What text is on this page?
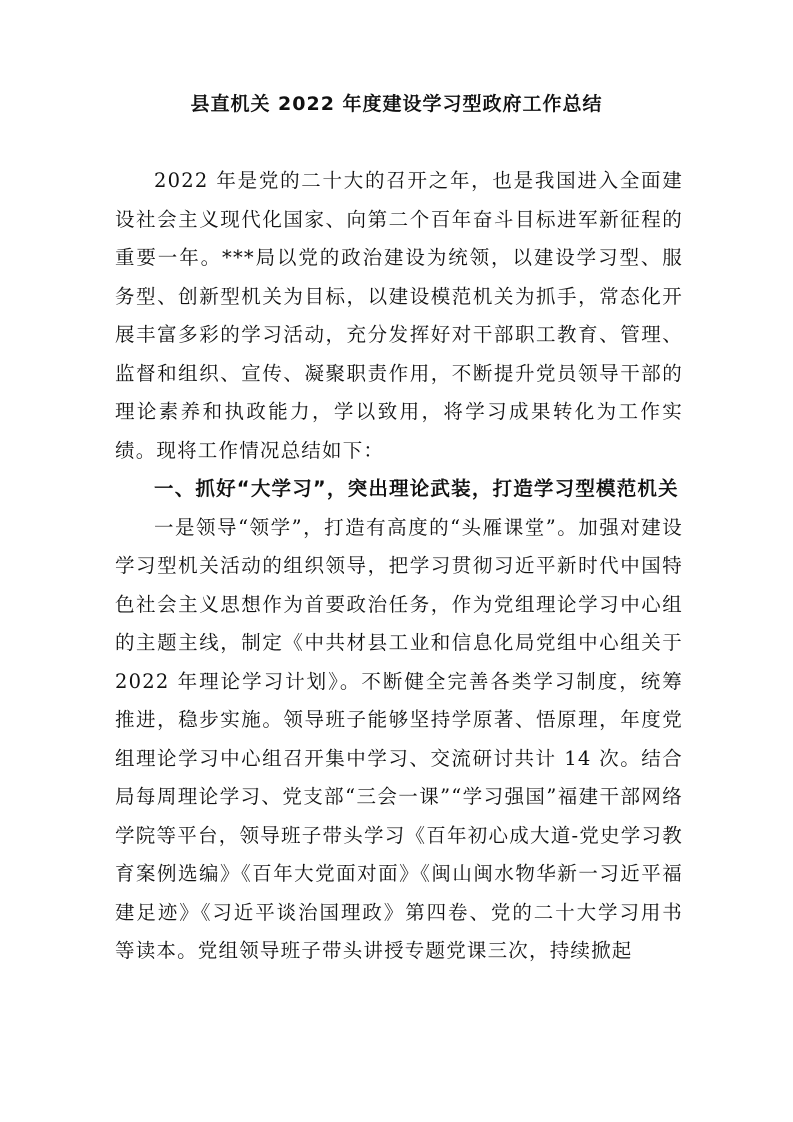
县直机关 2022 年度建设学习型政府工作总结

2022 年是党的二十大的召开之年，也是我国进入全面建设社会主义现代化国家、向第二个百年奋斗目标进军新征程的重要一年。***局以党的政治建设为统领，以建设学习型、服务型、创新型机关为目标，以建设模范机关为抓手，常态化开展丰富多彩的学习活动，充分发挥好对干部职工教育、管理、监督和组织、宣传、凝聚职责作用，不断提升党员领导干部的理论素养和执政能力，学以致用，将学习成果转化为工作实绩。现将工作情况总结如下：

一、抓好“大学习”，突出理论武装，打造学习型模范机关

一是领导“领学”，打造有高度的“头雁课堂”。加强对建设学习型机关活动的组织领导，把学习贯彻习近平新时代中国特色社会主义思想作为首要政治任务，作为党组理论学习中心组的主题主线，制定《中共材县工业和信息化局党组中心组关于 2022 年理论学习计划》。不断健全完善各类学习制度，统筹推进，稳步实施。领导班子能够坚持学原著、悟原理，年度党组理论学习中心组召开集中学习、交流研讨共计 14 次。结合局每周理论学习、党支部“三会一课”“学习强国”福建干部网络学院等平台，领导班子带头学习《百年初心成大道-党史学习教育案例选编》《百年大党面对面》《闽山闽水物华新一习近平福建足迹》《习近平谈治国理政》第四卷、党的二十大学习用书等读本。党组领导班子带头讲授专题党课三次，持续掀起
